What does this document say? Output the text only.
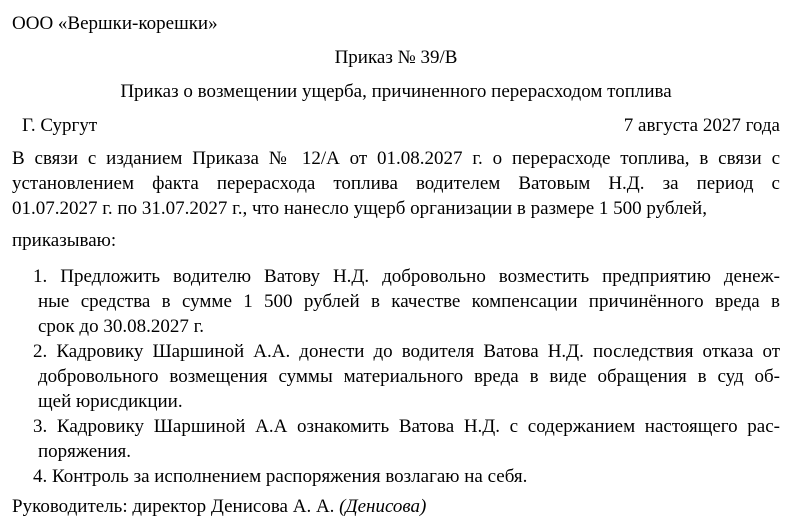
ООО «Вершки-корешки»
Приказ № 39/В
Приказ о возмещении ущерба, причиненного перерасходом топлива
Г. Сургут	7 августа 2027 года
В связи с изданием Приказа № 12/А от 01.08.2027 г. о перерасходе топлива, в связи с
установлением факта перерасхода топлива водителем Ватовым Н.Д. за период с
01.07.2027 г. по 31.07.2027 г., что нанесло ущерб организации в размере 1 500 рублей,
приказываю:
1. Предложить водителю Ватову Н.Д. добровольно возместить предприятию денеж-
ные средства в сумме 1 500 рублей в качестве компенсации причинённого вреда в
срок до 30.08.2027 г.
2. Кадровику Шаршиной А.А. донести до водителя Ватова Н.Д. последствия отказа от
добровольного возмещения суммы материального вреда в виде обращения в суд об-
щей юрисдикции.
3. Кадровику Шаршиной А.А ознакомить Ватова Н.Д. с содержанием настоящего рас-
поряжения.
4. Контроль за исполнением распоряжения возлагаю на себя.
Руководитель: директор Денисова А. А. (Денисова)
